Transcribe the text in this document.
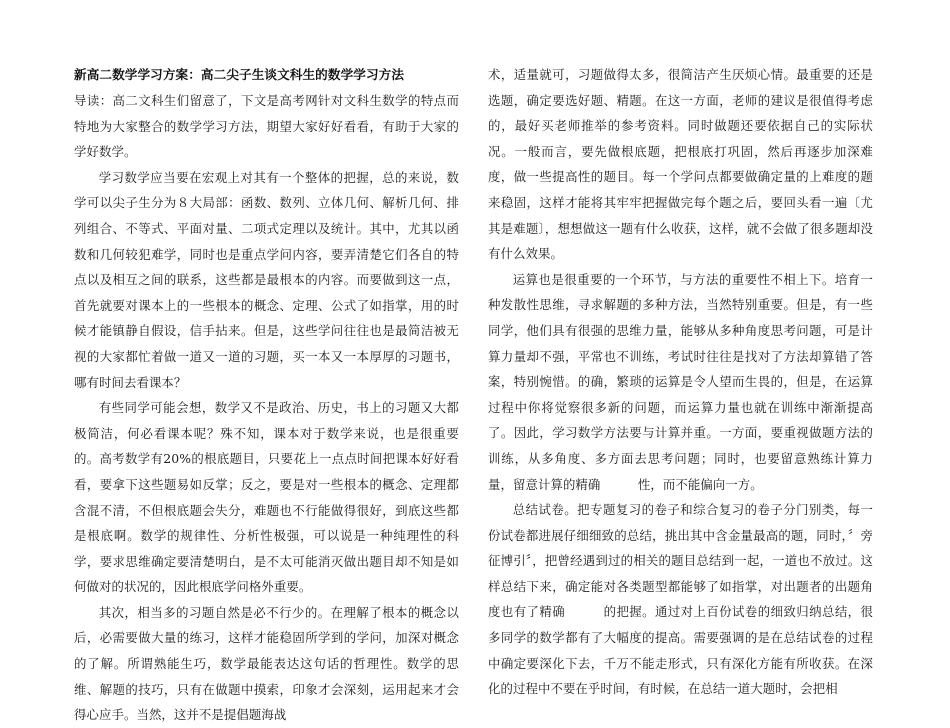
新高二数学学习方案：高二尖子生谈文科生的数学学习方法

导读：高二文科生们留意了，下文是高考网针对文科生数学的特点而特地为大家整合的数学学习方法，期望大家好好看看，有助于大家的学好数学。

学习数学应当要在宏观上对其有一个整体的把握，总的来说，数学可以尖子生分为８大局部：函数、数列、立体几何、解析几何、排列组合、不等式、平面对量、二项式定理以及统计。其中，尤其以函数和几何较犯难学，同时也是重点学问内容，要弄清楚它们各自的特点以及相互之间的联系，这些都是最根本的内容。而要做到这一点，首先就要对课本上的一些根本的概念、定理、公式了如指掌，用的时候才能镇静自假设，信手拈来。但是，这些学问往往也是最简洁被无视的大家都忙着做一道又一道的习题，买一本又一本厚厚的习题书，哪有时间去看课本？

有些同学可能会想，数学又不是政治、历史，书上的习题又大都极简洁，何必看课本呢？殊不知，课本对于数学来说，也是很重要的。高考数学有20%的根底题目，只要花上一点点时间把课本好好看看，要拿下这些题易如反掌；反之，要是对一些根本的概念、定理都含混不清，不但根底题会失分，难题也不行能做得很好，到底这些都是根底啊。数学的规律性、分析性极强，可以说是一种纯理性的科学，要求思维确定要清楚明白，是不太可能消灭做出题目却不知是如何做对的状况的，因此根底学问格外重要。

其次，相当多的习题自然是必不行少的。在理解了根本的概念以后，必需要做大量的练习，这样才能稳固所学到的学问，加深对概念的了解。所谓熟能生巧，数学最能表达这句话的哲理性。数学的思维、解题的技巧，只有在做题中摸索，印象才会深刻，运用起来才会得心应手。当然，这并不是提倡题海战

术，适量就可，习题做得太多，很简洁产生厌烦心情。最重要的还是选题，确定要选好题、精题。在这一方面，老师的建议是很值得考虑的，最好买老师推举的参考资料。同时做题还要依据自己的实际状况。一般而言，要先做根底题，把根底打巩固，然后再逐步加深难度，做一些提高性的题目。每一个学问点都要做确定量的上难度的题来稳固，这样才能将其牢牢把握做完每个题之后，要回头看一遍〔尤其是难题〕，想想做这一题有什么收获，这样，就不会做了很多题却没有什么效果。

运算也是很重要的一个环节，与方法的重要性不相上下。培育一种发散性思维，寻求解题的多种方法，当然特别重要。但是，有一些同学，他们具有很强的思维力量，能够从多种角度思考问题，可是计算力量却不强，平常也不训练，考试时往往是找对了方法却算错了答案，特别惋惜。的确，繁琐的运算是令人望而生畏的，但是，在运算过程中你将觉察很多新的问题，而运算力量也就在训练中渐渐提高了。因此，学习数学方法要与计算并重。一方面，要重视做题方法的训练，从多角度、多方面去思考问题；同时，也要留意熟练计算力量，留意计算的精确　　　性，而不能偏向一方。

总结试卷。把专题复习的卷子和综合复习的卷子分门别类，每一份试卷都进展仔细细致的总结，挑出其中含金量最高的题，同时，〞旁征博引〞，把曾经遇到过的相关的题目总结到一起，一道也不放过。这样总结下来，确定能对各类题型都能够了如指掌，对出题者的出题角度也有了精确　　　的把握。通过对上百份试卷的细致归纳总结，很多同学的数学都有了大幅度的提高。需要强调的是在总结试卷的过程中确定要深化下去，千万不能走形式，只有深化方能有所收获。在深化的过程中不要在乎时间，有时候，在总结一道大题时，会把相
